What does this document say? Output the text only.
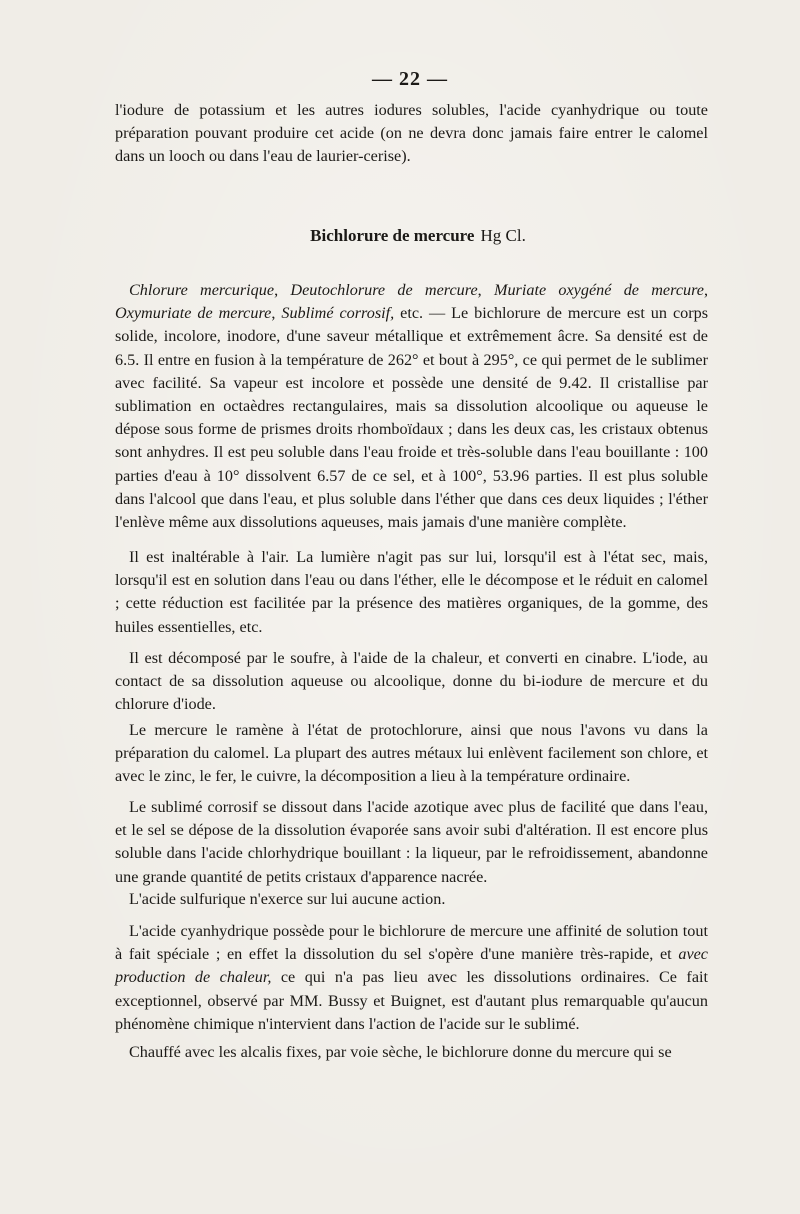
— 22 —

l'iodure de potassium et les autres iodures solubles, l'acide cyanhydrique ou toute préparation pouvant produire cet acide (on ne devra donc jamais faire entrer le calomel dans un looch ou dans l'eau de laurier-cerise).

Bichlorure de mercure Hg Cl.

Chlorure mercurique, Deutochlorure de mercure, Muriate oxygéné de mercure, Oxymuriate de mercure, Sublimé corrosif, etc. — Le bichlorure de mercure est un corps solide, incolore, inodore, d'une saveur métallique et extrêmement âcre. Sa densité est de 6.5. Il entre en fusion à la température de 262° et bout à 295°, ce qui permet de le sublimer avec facilité. Sa vapeur est incolore et possède une densité de 9.42. Il cristallise par sublimation en octaèdres rectangulaires, mais sa dissolution alcoolique ou aqueuse le dépose sous forme de prismes droits rhomboïdaux ; dans les deux cas, les cristaux obtenus sont anhydres. Il est peu soluble dans l'eau froide et très-soluble dans l'eau bouillante : 100 parties d'eau à 10° dissolvent 6.57 de ce sel, et à 100°, 53.96 parties. Il est plus soluble dans l'alcool que dans l'eau, et plus soluble dans l'éther que dans ces deux liquides ; l'éther l'enlève même aux dissolutions aqueuses, mais jamais d'une manière complète.

Il est inaltérable à l'air. La lumière n'agit pas sur lui, lorsqu'il est à l'état sec, mais, lorsqu'il est en solution dans l'eau ou dans l'éther, elle le décompose et le réduit en calomel ; cette réduction est facilitée par la présence des matières organiques, de la gomme, des huiles essentielles, etc.

Il est décomposé par le soufre, à l'aide de la chaleur, et converti en cinabre. L'iode, au contact de sa dissolution aqueuse ou alcoolique, donne du bi-iodure de mercure et du chlorure d'iode.

Le mercure le ramène à l'état de protochlorure, ainsi que nous l'avons vu dans la préparation du calomel. La plupart des autres métaux lui enlèvent facilement son chlore, et avec le zinc, le fer, le cuivre, la décomposition a lieu à la température ordinaire.

Le sublimé corrosif se dissout dans l'acide azotique avec plus de facilité que dans l'eau, et le sel se dépose de la dissolution évaporée sans avoir subi d'altération. Il est encore plus soluble dans l'acide chlorhydrique bouillant : la liqueur, par le refroidissement, abandonne une grande quantité de petits cristaux d'apparence nacrée.

L'acide sulfurique n'exerce sur lui aucune action.

L'acide cyanhydrique possède pour le bichlorure de mercure une affinité de solution tout à fait spéciale ; en effet la dissolution du sel s'opère d'une manière très-rapide, et avec production de chaleur, ce qui n'a pas lieu avec les dissolutions ordinaires. Ce fait exceptionnel, observé par MM. Bussy et Buignet, est d'autant plus remarquable qu'aucun phénomène chimique n'intervient dans l'action de l'acide sur le sublimé.

Chauffé avec les alcalis fixes, par voie sèche, le bichlorure donne du mercure qui se
